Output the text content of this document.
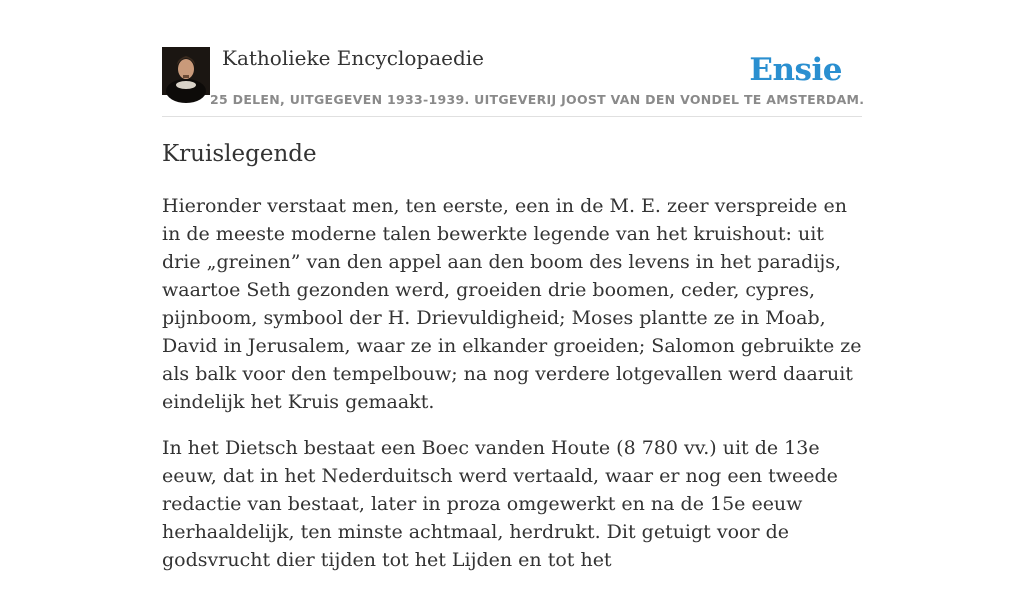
Katholieke Encyclopaedie
25 DELEN, UITGEGEVEN 1933-1939. UITGEVERIJ JOOST VAN DEN VONDEL TE AMSTERDAM.
Ensie
Kruislegende

Hieronder verstaat men, ten eerste, een in de M. E. zeer verspreide en in de meeste moderne talen bewerkte legende van het kruishout: uit drie „greinen” van den appel aan den boom des levens in het paradijs, waartoe Seth gezonden werd, groeiden drie boomen, ceder, cypres, pijnboom, symbool der H. Drievuldigheid; Moses plantte ze in Moab, David in Jerusalem, waar ze in elkander groeiden; Salomon gebruikte ze als balk voor den tempelbouw; na nog verdere lotgevallen werd daaruit eindelijk het Kruis gemaakt.

In het Dietsch bestaat een Boec vanden Houte (8 780 vv.) uit de 13e eeuw, dat in het Nederduitsch werd vertaald, waar er nog een tweede redactie van bestaat, later in proza omgewerkt en na de 15e eeuw herhaaldelijk, ten minste achtmaal, herdrukt. Dit getuigt voor de godsvrucht dier tijden tot het Lijden en tot het
